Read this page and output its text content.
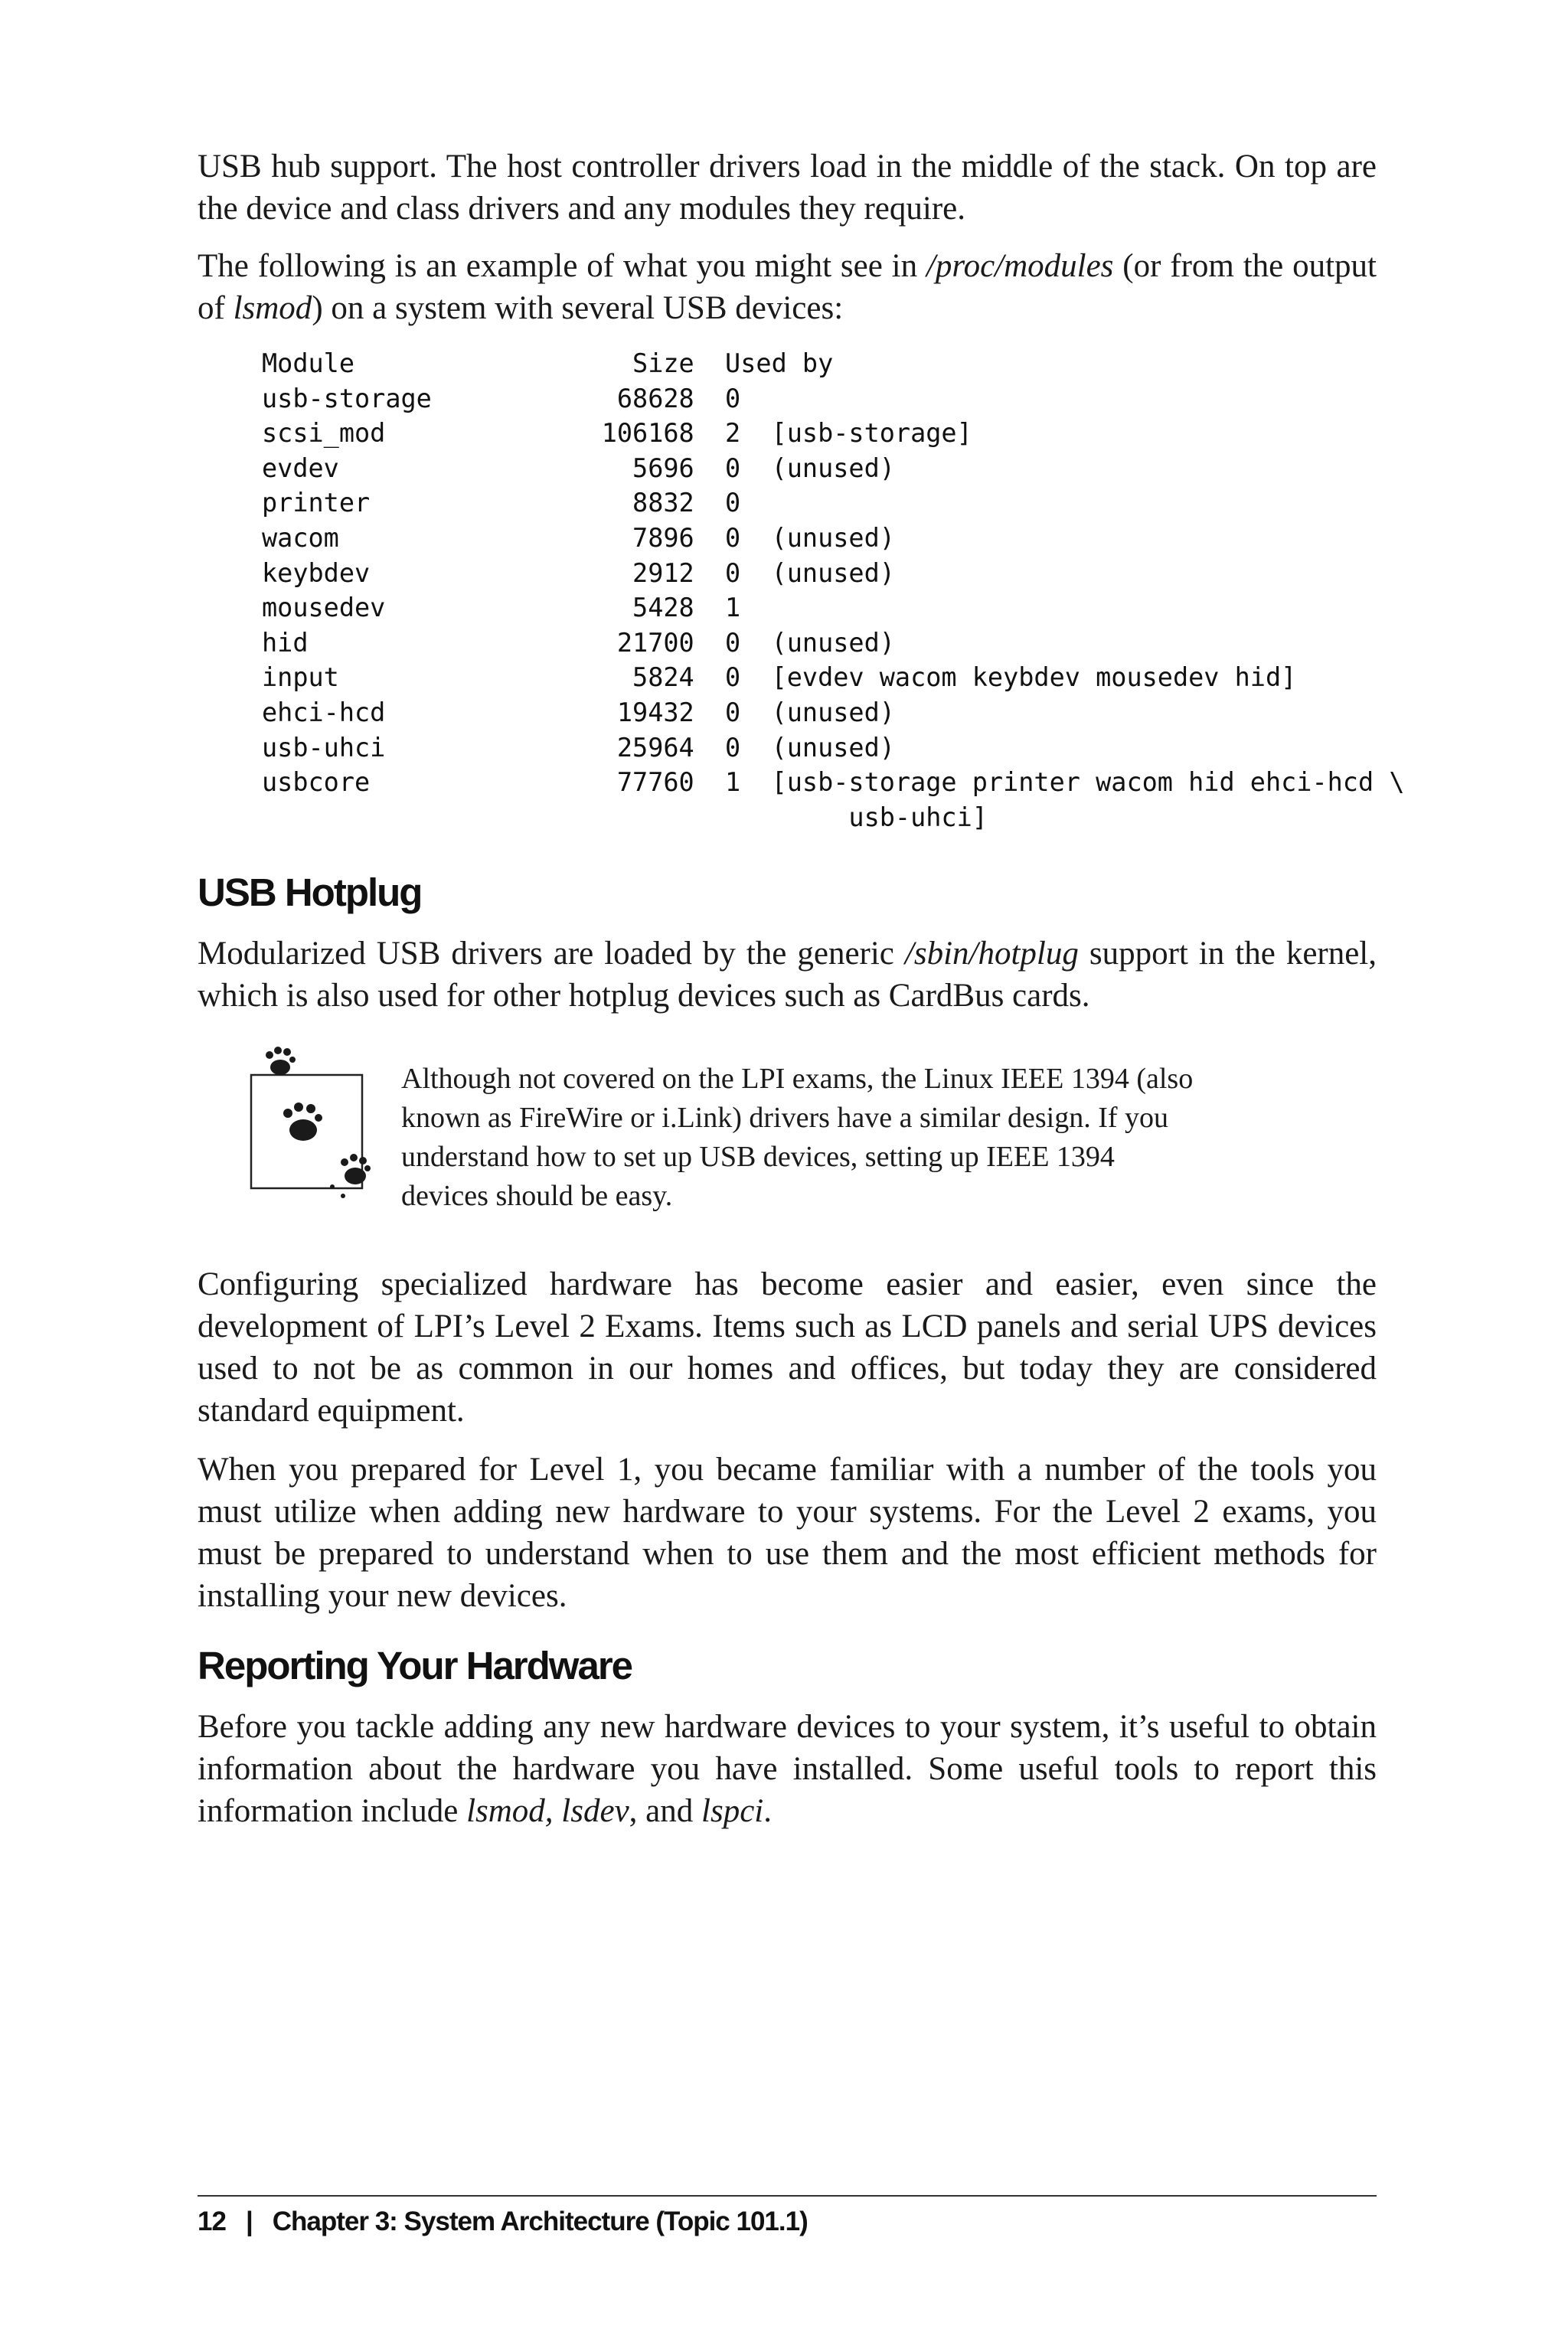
USB hub support. The host controller drivers load in the middle of the stack. On top are the device and class drivers and any modules they require.

The following is an example of what you might see in /proc/modules (or from the output of lsmod) on a system with several USB devices:

Module                  Size  Used by
usb-storage            68628  0
scsi_mod              106168  2  [usb-storage]
evdev                   5696  0  (unused)
printer                 8832  0
wacom                   7896  0  (unused)
keybdev                 2912  0  (unused)
mousedev                5428  1
hid                    21700  0  (unused)
input                   5824  0  [evdev wacom keybdev mousedev hid]
ehci-hcd               19432  0  (unused)
usb-uhci               25964  0  (unused)
usbcore                77760  1  [usb-storage printer wacom hid ehci-hcd \
usb-uhci]

USB Hotplug

Modularized USB drivers are loaded by the generic /sbin/hotplug support in the kernel, which is also used for other hotplug devices such as CardBus cards.

Although not covered on the LPI exams, the Linux IEEE 1394 (also known as FireWire or i.Link) drivers have a similar design. If you understand how to set up USB devices, setting up IEEE 1394 devices should be easy.

Configuring specialized hardware has become easier and easier, even since the development of LPI’s Level 2 Exams. Items such as LCD panels and serial UPS devices used to not be as common in our homes and offices, but today they are considered standard equipment.

When you prepared for Level 1, you became familiar with a number of the tools you must utilize when adding new hardware to your systems. For the Level 2 exams, you must be prepared to understand when to use them and the most efficient methods for installing your new devices.

Reporting Your Hardware

Before you tackle adding any new hardware devices to your system, it’s useful to obtain information about the hardware you have installed. Some useful tools to report this information include lsmod, lsdev, and lspci.

12 | Chapter 3: System Architecture (Topic 101.1)
